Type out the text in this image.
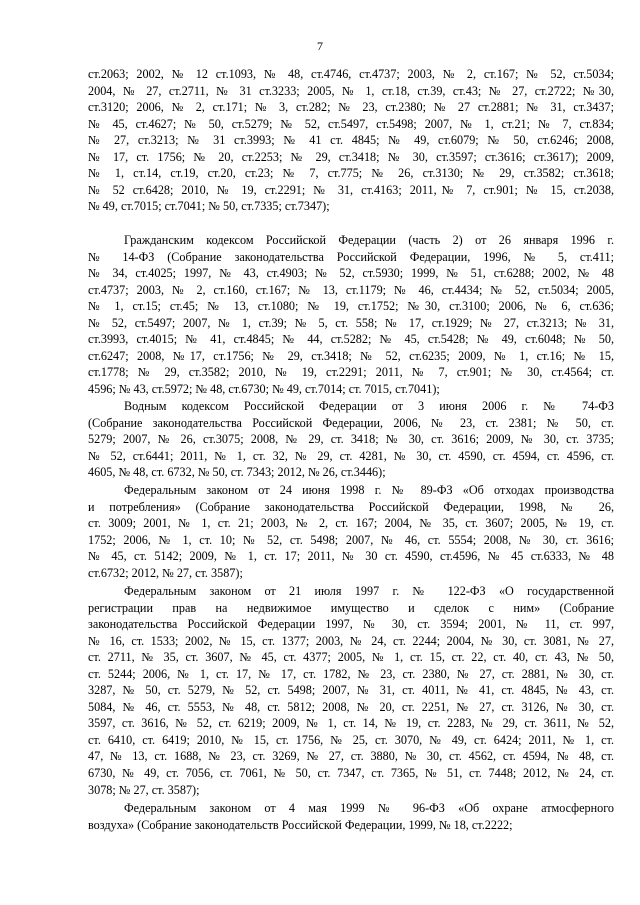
7
ст.2063; 2002, № 12 ст.1093, № 48, ст.4746, ст.4737; 2003, № 2, ст.167; № 52, ст.5034;
2004, № 27, ст.2711, № 31 ст.3233; 2005, № 1, ст.18, ст.39, ст.43; № 27, ст.2722; №30,
ст.3120; 2006, № 2, ст.171; № 3, ст.282; № 23, ст.2380; № 27 ст.2881; № 31, ст.3437;
№ 45, ст.4627; № 50, ст.5279; № 52, ст.5497, ст.5498; 2007, № 1, ст.21; № 7, ст.834;
№ 27, ст.3213; № 31 ст.3993; № 41 ст. 4845; № 49, ст.6079; № 50, ст.6246; 2008,
№ 17, ст. 1756; № 20, ст.2253; № 29, ст.3418; № 30, ст.3597; ст.3616; ст.3617); 2009,
№ 1, ст.14, ст.19, ст.20, ст.23; № 7, ст.775; № 26, ст.3130; № 29, ст.3582; ст.3618;
№ 52 ст.6428; 2010, № 19, ст.2291; № 31, ст.4163; 2011,№ 7, ст.901; № 15, ст.2038,
№ 49, ст.7015; ст.7041; № 50, ст.7335; ст.7347);
Гражданским кодексом Российской Федерации (часть 2) от 26 января 1996 г.
№ 14-ФЗ (Собрание законодательства Российской Федерации, 1996, № 5, ст.411;
№ 34, ст.4025; 1997, № 43, ст.4903; № 52, ст.5930; 1999, № 51, ст.6288; 2002, № 48
ст.4737; 2003, № 2, ст.160, ст.167; № 13, ст.1179; № 46, ст.4434; № 52, ст.5034; 2005,
№ 1, ст.15; ст.45; № 13, ст.1080; № 19, ст.1752; №30, ст.3100; 2006, № 6, ст.636;
№ 52, ст.5497; 2007, № 1, ст.39; № 5, ст. 558; № 17, ст.1929; № 27, ст.3213; № 31,
ст.3993, ст.4015; № 41, ст.4845; № 44, ст.5282; № 45, ст.5428; № 49, ст.6048; № 50,
ст.6247; 2008, №17, ст.1756; № 29, ст.3418; № 52, ст.6235; 2009, № 1, ст.16; № 15,
ст.1778; № 29, ст.3582; 2010, № 19, ст.2291; 2011, № 7, ст.901; № 30, ст.4564; ст.
4596; № 43, ст.5972; № 48, ст.6730; № 49, ст.7014; ст. 7015, ст.7041);
Водным кодексом Российской Федерации от 3 июня 2006 г. № 74-ФЗ
(Собрание законодательства Российской Федерации, 2006, № 23, ст. 2381; № 50, ст.
5279; 2007, № 26, ст.3075; 2008, № 29, ст. 3418; № 30, ст. 3616; 2009, № 30, ст. 3735;
№ 52, ст.6441; 2011, № 1, ст. 32, № 29, ст. 4281, № 30, ст. 4590, ст. 4594, ст. 4596, ст.
4605, № 48, ст. 6732, № 50, ст. 7343; 2012, № 26, ст.3446);
Федеральным законом от 24 июня 1998 г. № 89-ФЗ «Об отходах производства
и потребления» (Собрание законодательства Российской Федерации, 1998, № 26,
ст. 3009; 2001, № 1, ст. 21; 2003, № 2, ст. 167; 2004, № 35, ст. 3607; 2005, № 19, ст.
1752; 2006, № 1, ст. 10; № 52, ст. 5498; 2007, № 46, ст. 5554; 2008, № 30, ст. 3616;
№ 45, ст. 5142; 2009, № 1, ст. 17; 2011, № 30 ст. 4590, ст.4596, № 45 ст.6333, № 48
ст.6732; 2012, № 27, ст. 3587);
Федеральным законом от 21 июля 1997 г. № 122-ФЗ «О государственной
регистрации прав на недвижимое имущество и сделок с ним» (Собрание
законодательства Российской Федерации 1997, № 30, ст. 3594; 2001, № 11, ст. 997,
№ 16, ст. 1533; 2002, № 15, ст. 1377; 2003, № 24, ст. 2244; 2004, № 30, ст. 3081, № 27,
ст. 2711, № 35, ст. 3607, № 45, ст. 4377; 2005, № 1, ст. 15, ст. 22, ст. 40, ст. 43, № 50,
ст. 5244; 2006, № 1, ст. 17, № 17, ст. 1782, № 23, ст. 2380, № 27, ст. 2881, № 30, ст.
3287, № 50, ст. 5279, № 52, ст. 5498; 2007, № 31, ст. 4011, № 41, ст. 4845, № 43, ст.
5084, № 46, ст. 5553, № 48, ст. 5812; 2008, № 20, ст. 2251, № 27, ст. 3126, № 30, ст.
3597, ст. 3616, № 52, ст. 6219; 2009, № 1, ст. 14, № 19, ст. 2283, № 29, ст. 3611, № 52,
ст. 6410, ст. 6419; 2010, № 15, ст. 1756, № 25, ст. 3070, № 49, ст. 6424; 2011, № 1, ст.
47, № 13, ст. 1688, № 23, ст. 3269, № 27, ст. 3880, № 30, ст. 4562, ст. 4594, № 48, ст.
6730, № 49, ст. 7056, ст. 7061, № 50, ст. 7347, ст. 7365, № 51, ст. 7448; 2012, № 24, ст.
3078; № 27, ст. 3587);
Федеральным законом от 4 мая 1999 № 96-ФЗ «Об охране атмосферного
воздуха» (Собрание законодательств Российской Федерации, 1999, № 18, ст.2222;
